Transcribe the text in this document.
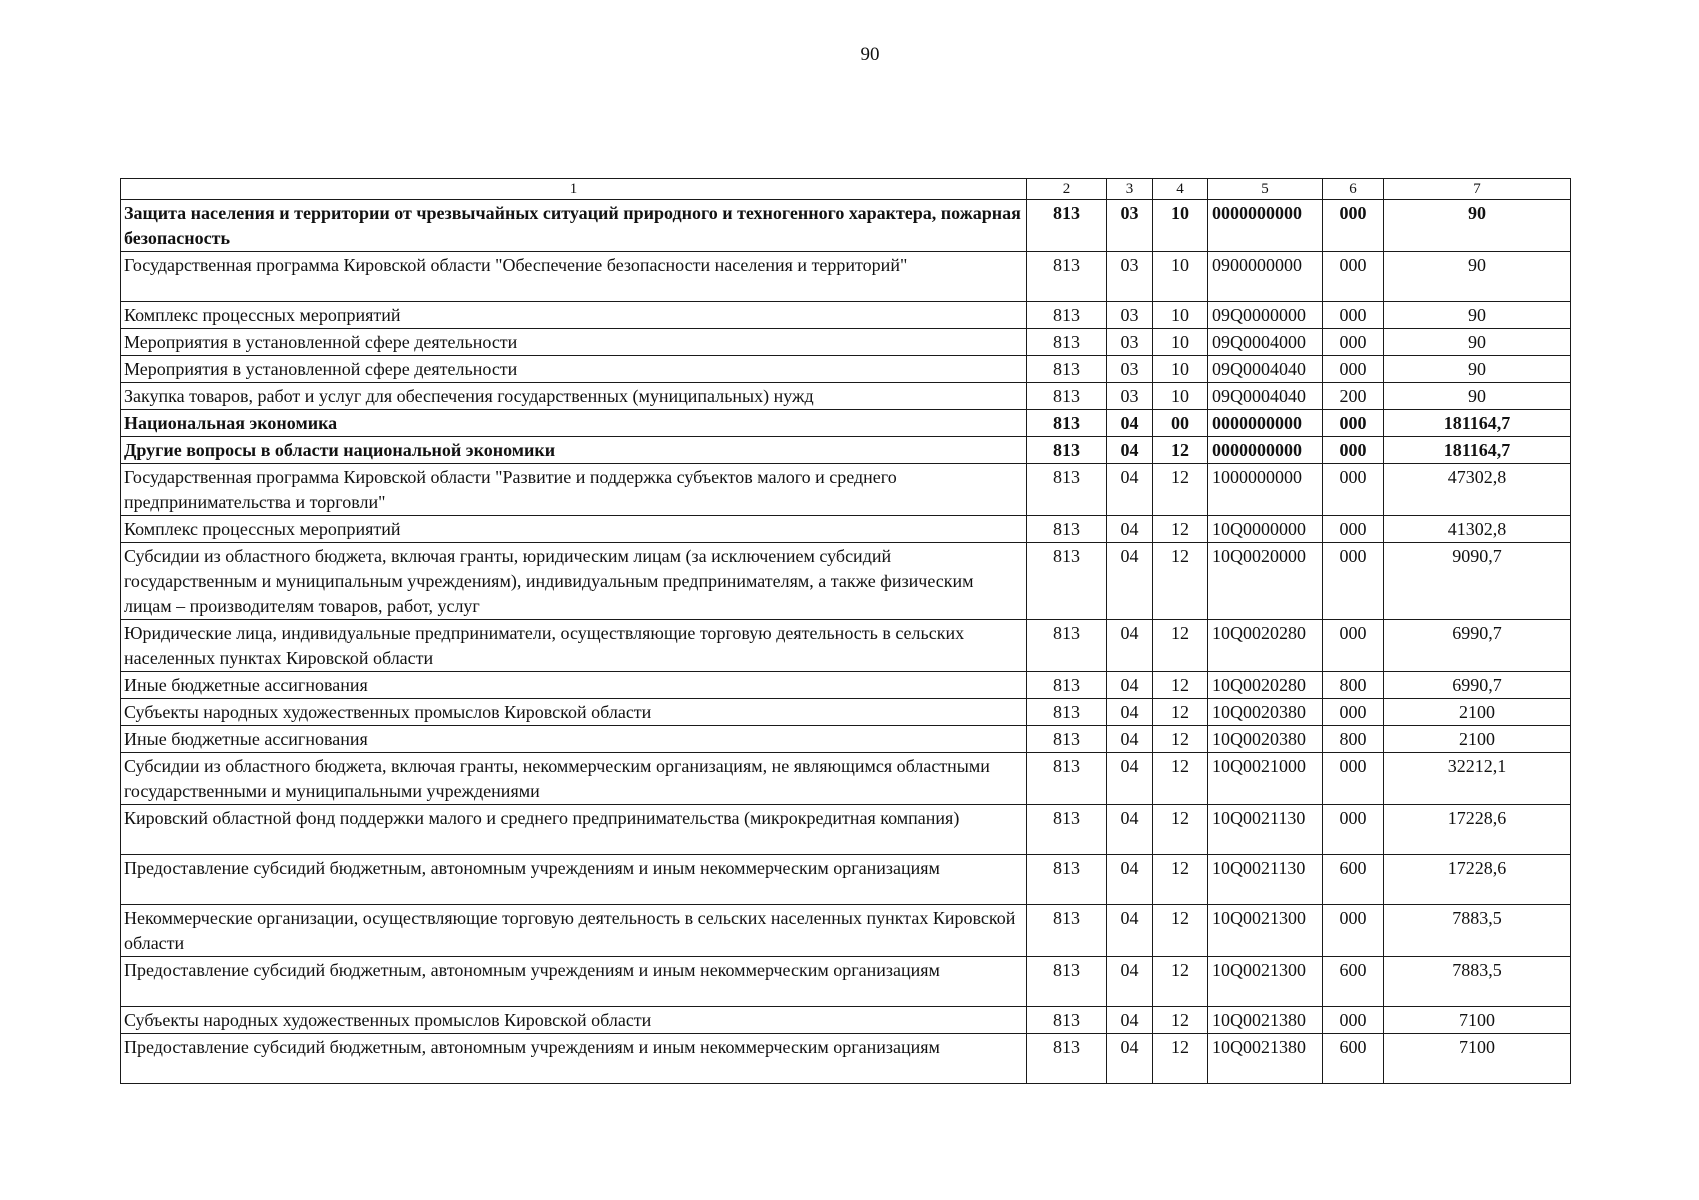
90
1	2	3	4	5	6	7
Защита населения и территории от чрезвычайных ситуаций природного и техногенного характера, пожарная безопасность	813	03	10	0000000000	000	90
Государственная программа Кировской области "Обеспечение безопасности населения и территорий"	813	03	10	0900000000	000	90
Комплекс процессных мероприятий	813	03	10	09Q0000000	000	90
Мероприятия в установленной сфере деятельности	813	03	10	09Q0004000	000	90
Мероприятия в установленной сфере деятельности	813	03	10	09Q0004040	000	90
Закупка товаров, работ и услуг для обеспечения государственных (муниципальных) нужд	813	03	10	09Q0004040	200	90
Национальная экономика	813	04	00	0000000000	000	181164,7
Другие вопросы в области национальной экономики	813	04	12	0000000000	000	181164,7
Государственная программа Кировской области "Развитие и поддержка субъектов малого и среднего предпринимательства и торговли"	813	04	12	1000000000	000	47302,8
Комплекс процессных мероприятий	813	04	12	10Q0000000	000	41302,8
Субсидии из областного бюджета, включая гранты, юридическим лицам (за исключением субсидий государственным и муниципальным учреждениям), индивидуальным предпринимателям, а также физическим лицам – производителям товаров, работ, услуг	813	04	12	10Q0020000	000	9090,7
Юридические лица, индивидуальные предприниматели, осуществляющие торговую деятельность в сельских населенных пунктах Кировской области	813	04	12	10Q0020280	000	6990,7
Иные бюджетные ассигнования	813	04	12	10Q0020280	800	6990,7
Субъекты народных художественных промыслов Кировской области	813	04	12	10Q0020380	000	2100
Иные бюджетные ассигнования	813	04	12	10Q0020380	800	2100
Субсидии из областного бюджета, включая гранты, некоммерческим организациям, не являющимся областными государственными и муниципальными учреждениями	813	04	12	10Q0021000	000	32212,1
Кировский областной фонд поддержки малого и среднего предпринимательства (микрокредитная компания)	813	04	12	10Q0021130	000	17228,6
Предоставление субсидий бюджетным, автономным учреждениям и иным некоммерческим организациям	813	04	12	10Q0021130	600	17228,6
Некоммерческие организации, осуществляющие торговую деятельность в сельских населенных пунктах Кировской области	813	04	12	10Q0021300	000	7883,5
Предоставление субсидий бюджетным, автономным учреждениям и иным некоммерческим организациям	813	04	12	10Q0021300	600	7883,5
Субъекты народных художественных промыслов Кировской области	813	04	12	10Q0021380	000	7100
Предоставление субсидий бюджетным, автономным учреждениям и иным некоммерческим организациям	813	04	12	10Q0021380	600	7100
